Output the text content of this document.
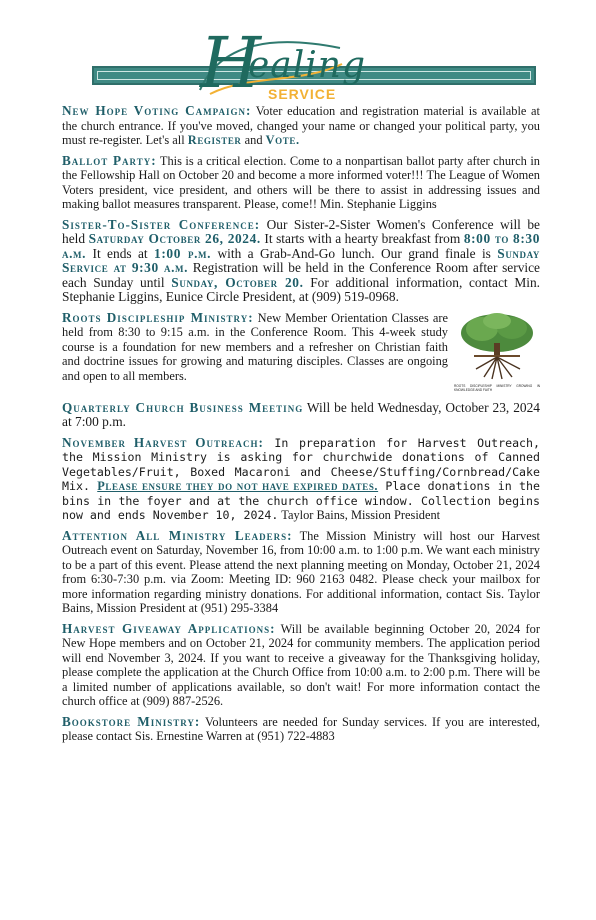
H
ealing
SERVICE

New Hope Voting Campaign: Voter education and registration material is available at the church entrance. If you've moved, changed your name or changed your political party, you must re-register. Let's all Register and Vote.

Ballot Party: This is a critical election. Come to a nonpartisan ballot party after church in the Fellowship Hall on October 20 and become a more informed voter!!! The League of Women Voters president, vice president, and others will be there to assist in addressing issues and making ballot measures transparent. Please, come!! Min. Stephanie Liggins

Sister-To-Sister Conference: Our Sister-2-Sister Women's Conference will be held Saturday October 26, 2024. It starts with a hearty breakfast from 8:00 to 8:30 a.m. It ends at 1:00 p.m. with a Grab-And-Go lunch. Our grand finale is Sunday Service at 9:30 a.m. Registration will be held in the Conference Room after service each Sunday until Sunday, October 20. For additional information, contact Min. Stephanie Liggins, Eunice Circle President, at (909) 519-0968.

ROOTS DISCIPLESHIP MINISTRY GROWING IN KNOWLEDGE AND FAITH
Roots Discipleship Ministry: New Member Orientation Classes are held from 8:30 to 9:15 a.m. in the Conference Room. This 4-week study course is a foundation for new members and a refresher on Christian faith and doctrine issues for growing and maturing disciples. Classes are ongoing and open to all members.

Quarterly Church Business Meeting Will be held Wednesday, October 23, 2024 at 7:00 p.m.

November Harvest Outreach: In preparation for Harvest Outreach, the Mission Ministry is asking for churchwide donations of Canned Vegetables/Fruit, Boxed Macaroni and Cheese/Stuffing/Cornbread/Cake Mix. Please ensure they do not have expired dates. Place donations in the bins in the foyer and at the church office window. Collection begins now and ends November 10, 2024. Taylor Bains, Mission President

Attention All Ministry Leaders: The Mission Ministry will host our Harvest Outreach event on Saturday, November 16, from 10:00 a.m. to 1:00 p.m. We want each ministry to be a part of this event. Please attend the next planning meeting on Monday, October 21, 2024 from 6:30-7:30 p.m. via Zoom: Meeting ID: 960 2163 0482. Please check your mailbox for more information regarding ministry donations. For additional information, contact Sis. Taylor Bains, Mission President at (951) 295-3384

Harvest Giveaway Applications: Will be available beginning October 20, 2024 for New Hope members and on October 21, 2024 for community members. The application period will end November 3, 2024. If you want to receive a giveaway for the Thanksgiving holiday, please complete the application at the Church Office from 10:00 a.m. to 2:00 p.m. There will be a limited number of applications available, so don't wait! For more information contact the church office at (909) 887-2526.

Bookstore Ministry: Volunteers are needed for Sunday services. If you are interested, please contact Sis. Ernestine Warren at (951) 722-4883
